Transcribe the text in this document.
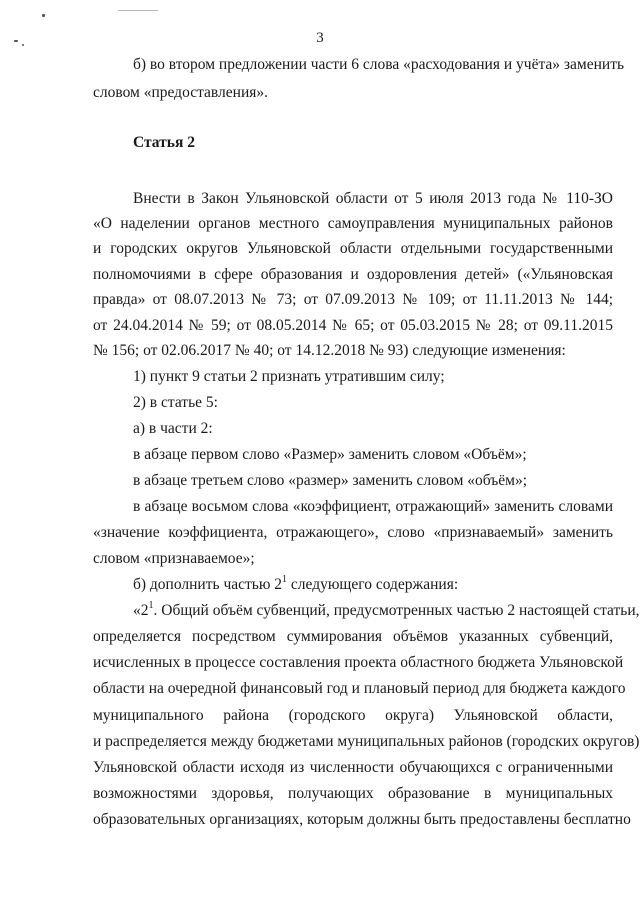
3
б) во втором предложении части 6 слова «расходования и учёта» заменить
словом «предоставления».
Статья 2
Внести в Закон Ульяновской области от 5 июля 2013 года № 110-ЗО
«О наделении органов местного самоуправления муниципальных районов
и городских округов Ульяновской области отдельными государственными
полномочиями в сфере образования и оздоровления детей» («Ульяновская
правда» от 08.07.2013 № 73; от 07.09.2013 № 109; от 11.11.2013 № 144;
от 24.04.2014 № 59; от 08.05.2014 № 65; от 05.03.2015 № 28; от 09.11.2015
№ 156; от 02.06.2017 № 40; от 14.12.2018 № 93) следующие изменения:
1) пункт 9 статьи 2 признать утратившим силу;
2) в статье 5:
а) в части 2:
в абзаце первом слово «Размер» заменить словом «Объём»;
в абзаце третьем слово «размер» заменить словом «объём»;
в абзаце восьмом слова «коэффициент, отражающий» заменить словами
«значение коэффициента, отражающего», слово «признаваемый» заменить
словом «признаваемое»;
б) дополнить частью $2^1$ следующего содержания:
«$2^1$. Общий объём субвенций, предусмотренных частью 2 настоящей статьи,
определяется посредством суммирования объёмов указанных субвенций,
исчисленных в процессе составления проекта областного бюджета Ульяновской
области на очередной финансовый год и плановый период для бюджета каждого
муниципального района (городского округа) Ульяновской области,
и распределяется между бюджетами муниципальных районов (городских округов)
Ульяновской области исходя из численности обучающихся с ограниченными
возможностями здоровья, получающих образование в муниципальных
образовательных организациях, которым должны быть предоставлены бесплатно
